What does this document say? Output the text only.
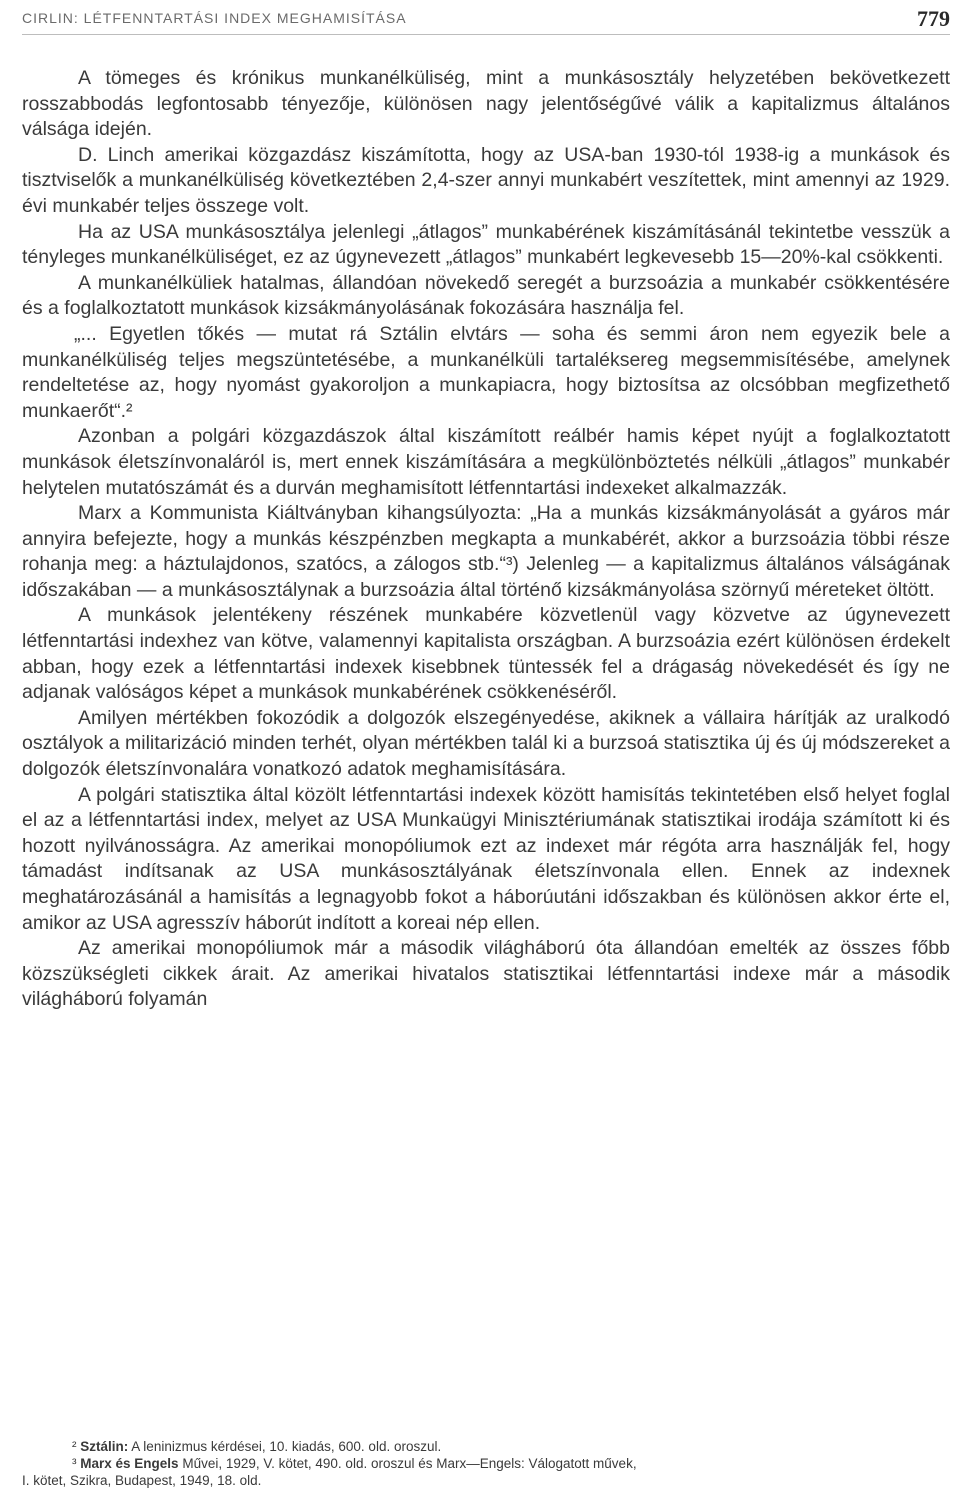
CIRLIN: LÉTFENNTARTÁSI INDEX MEGHAMISÍTÁSA	779

A tömeges és krónikus munkanélküliség, mint a munkásosztály helyzetében bekövetkezett rosszabbodás legfontosabb tényezője, különösen nagy jelentőségűvé válik a kapitalizmus általános válsága idején.

D. Linch amerikai közgazdász kiszámította, hogy az USA-ban 1930-tól 1938-ig a munkások és tisztviselők a munkanélküliség következtében 2,4-szer annyi munkabért veszítettek, mint amennyi az 1929. évi munkabér teljes összege volt.

Ha az USA munkásosztálya jelenlegi „átlagos” munkabérének kiszámításánál tekintetbe vesszük a tényleges munkanélküliséget, ez az úgynevezett „átlagos” munkabért legkevesebb 15—20%-kal csökkenti.

A munkanélküliek hatalmas, állandóan növekedő seregét a burzsoázia a munkabér csökkentésére és a foglalkoztatott munkások kizsákmányolásának fokozására használja fel.

„... Egyetlen tőkés — mutat rá Sztálin elvtárs — soha és semmi áron nem egyezik bele a munkanélküliség teljes megszüntetésébe, a munkanélküli tartaléksereg megsemmisítésébe, amelynek rendeltetése az, hogy nyomást gyakoroljon a munkapiacra, hogy biztosítsa az olcsóbban megfizethető munkaerőt“.²

Azonban a polgári közgazdászok által kiszámított reálbér hamis képet nyújt a foglalkoztatott munkások életszínvonaláról is, mert ennek kiszámítására a megkülönböztetés nélküli „átlagos” munkabér helytelen mutatószámát és a durván meghamisított létfenntartási indexeket alkalmazzák.

Marx a Kommunista Kiáltványban kihangsúlyozta: „Ha a munkás kizsákmányolását a gyáros már annyira befejezte, hogy a munkás készpénzben megkapta a munkabérét, akkor a burzsoázia többi része rohanja meg: a háztulajdonos, szatócs, a zálogos stb.“³) Jelenleg — a kapitalizmus általános válságának időszakában — a munkásosztálynak a burzsoázia által történő kizsákmányolása szörnyű méreteket öltött.

A munkások jelentékeny részének munkabére közvetlenül vagy közvetve az úgynevezett létfenntartási indexhez van kötve, valamennyi kapitalista országban. A burzsoázia ezért különösen érdekelt abban, hogy ezek a létfenntartási indexek kisebbnek tüntessék fel a drágaság növekedését és így ne adjanak valóságos képet a munkások munkabérének csökkenéséről.

Amilyen mértékben fokozódik a dolgozók elszegényedése, akiknek a vállaira hárítják az uralkodó osztályok a militarizáció minden terhét, olyan mértékben talál ki a burzsoá statisztika új és új módszereket a dolgozók életszínvonalára vonatkozó adatok meghamisítására.

A polgári statisztika által közölt létfenntartási indexek között hamisítás tekintetében első helyet foglal el az a létfenntartási index, melyet az USA Munkaügyi Minisztériumának statisztikai irodája számított ki és hozott nyilvánosságra. Az amerikai monopóliumok ezt az indexet már régóta arra használják fel, hogy támadást indítsanak az USA munkásosztályának életszínvonala ellen. Ennek az indexnek meghatározásánál a hamisítás a legnagyobb fokot a háborúutáni időszakban és különösen akkor érte el, amikor az USA agresszív háborút indított a koreai nép ellen.

Az amerikai monopóliumok már a második világháború óta állandóan emelték az összes főbb közszükségleti cikkek árait. Az amerikai hivatalos statisztikai létfenntartási indexe már a második világháború folyamán

² Sztálin: A leninizmus kérdései, 10. kiadás, 600. old. oroszul.

³ Marx és Engels Művei, 1929, V. kötet, 490. old. oroszul és Marx—Engels: Válogatott művek,

I. kötet, Szikra, Budapest, 1949, 18. old.
